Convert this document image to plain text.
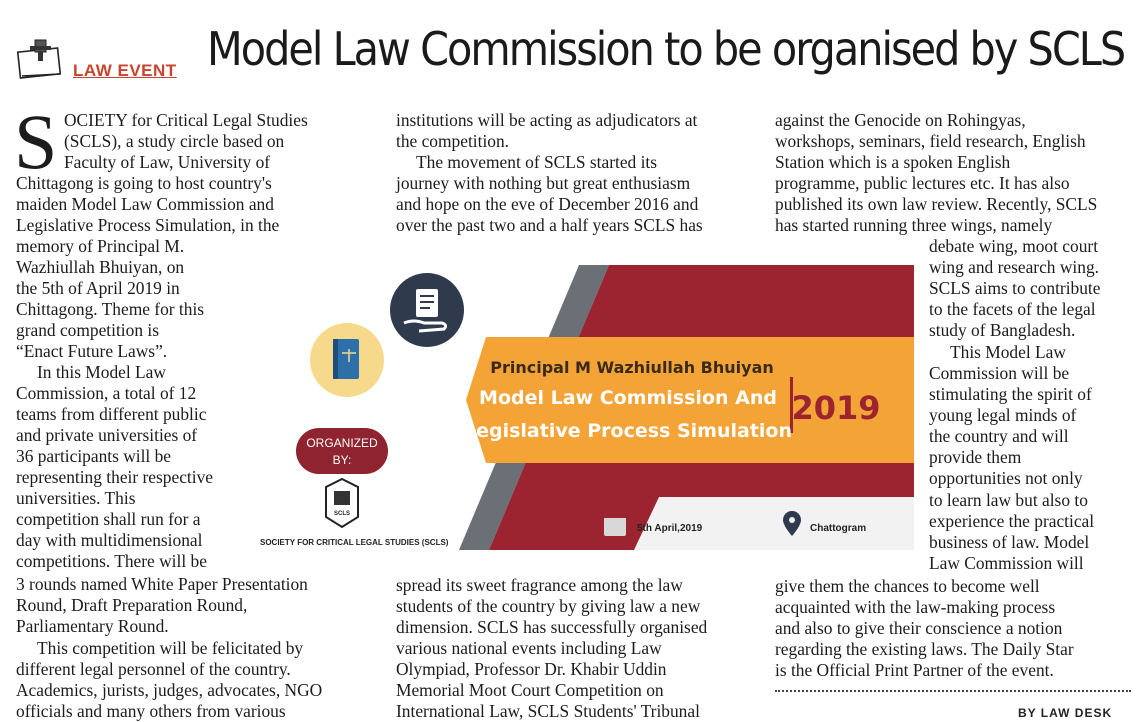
LAW EVENT Model Law Commission to be organised by SCLS
S OCIETY for Critical Legal Studies
(SCLS), a study circle based on
Faculty of Law, University of
Chittagong is going to host country's
maiden Model Law Commission and
Legislative Process Simulation, in the
memory of Principal M.
Wazhiullah Bhuiyan, on
the 5th of April 2019 in
Chittagong. Theme for this
grand competition is
“Enact Future Laws”.
In this Model Law
Commission, a total of 12
teams from different public
and private universities of
36 participants will be
representing their respective
universities. This
competition shall run for a
day with multidimensional
competitions. There will be
3 rounds named White Paper Presentation
Round, Draft Preparation Round,
Parliamentary Round.
This competition will be felicitated by
different legal personnel of the country.
Academics, jurists, judges, advocates, NGO
officials and many others from various
institutions will be acting as adjudicators at
the competition.
The movement of SCLS started its
journey with nothing but great enthusiasm
and hope on the eve of December 2016 and
over the past two and a half years SCLS has
spread its sweet fragrance among the law
students of the country by giving law a new
dimension. SCLS has successfully organised
various national events including Law
Olympiad, Professor Dr. Khabir Uddin
Memorial Moot Court Competition on
International Law, SCLS Students' Tribunal
against the Genocide on Rohingyas,
workshops, seminars, field research, English
Station which is a spoken English
programme, public lectures etc. It has also
published its own law review. Recently, SCLS
has started running three wings, namely
debate wing, moot court
wing and research wing.
SCLS aims to contribute
to the facets of the legal
study of Bangladesh.
This Model Law
Commission will be
stimulating the spirit of
young legal minds of
the country and will
provide them
opportunities not only
to learn law but also to
experience the practical
business of law. Model
Law Commission will
give them the chances to become well
acquainted with the law-making process
and also to give their conscience a notion
regarding the existing laws. The Daily Star
is the Official Print Partner of the event.
BY LAW DESK
ORGANIZED
BY:
SCLS
SOCIETY FOR CRITICAL LEGAL STUDIES (SCLS)
Principal M Wazhiullah Bhuiyan
Model Law Commission And
Legislative Process Simulation
2019
5th April,2019	Chattogram
